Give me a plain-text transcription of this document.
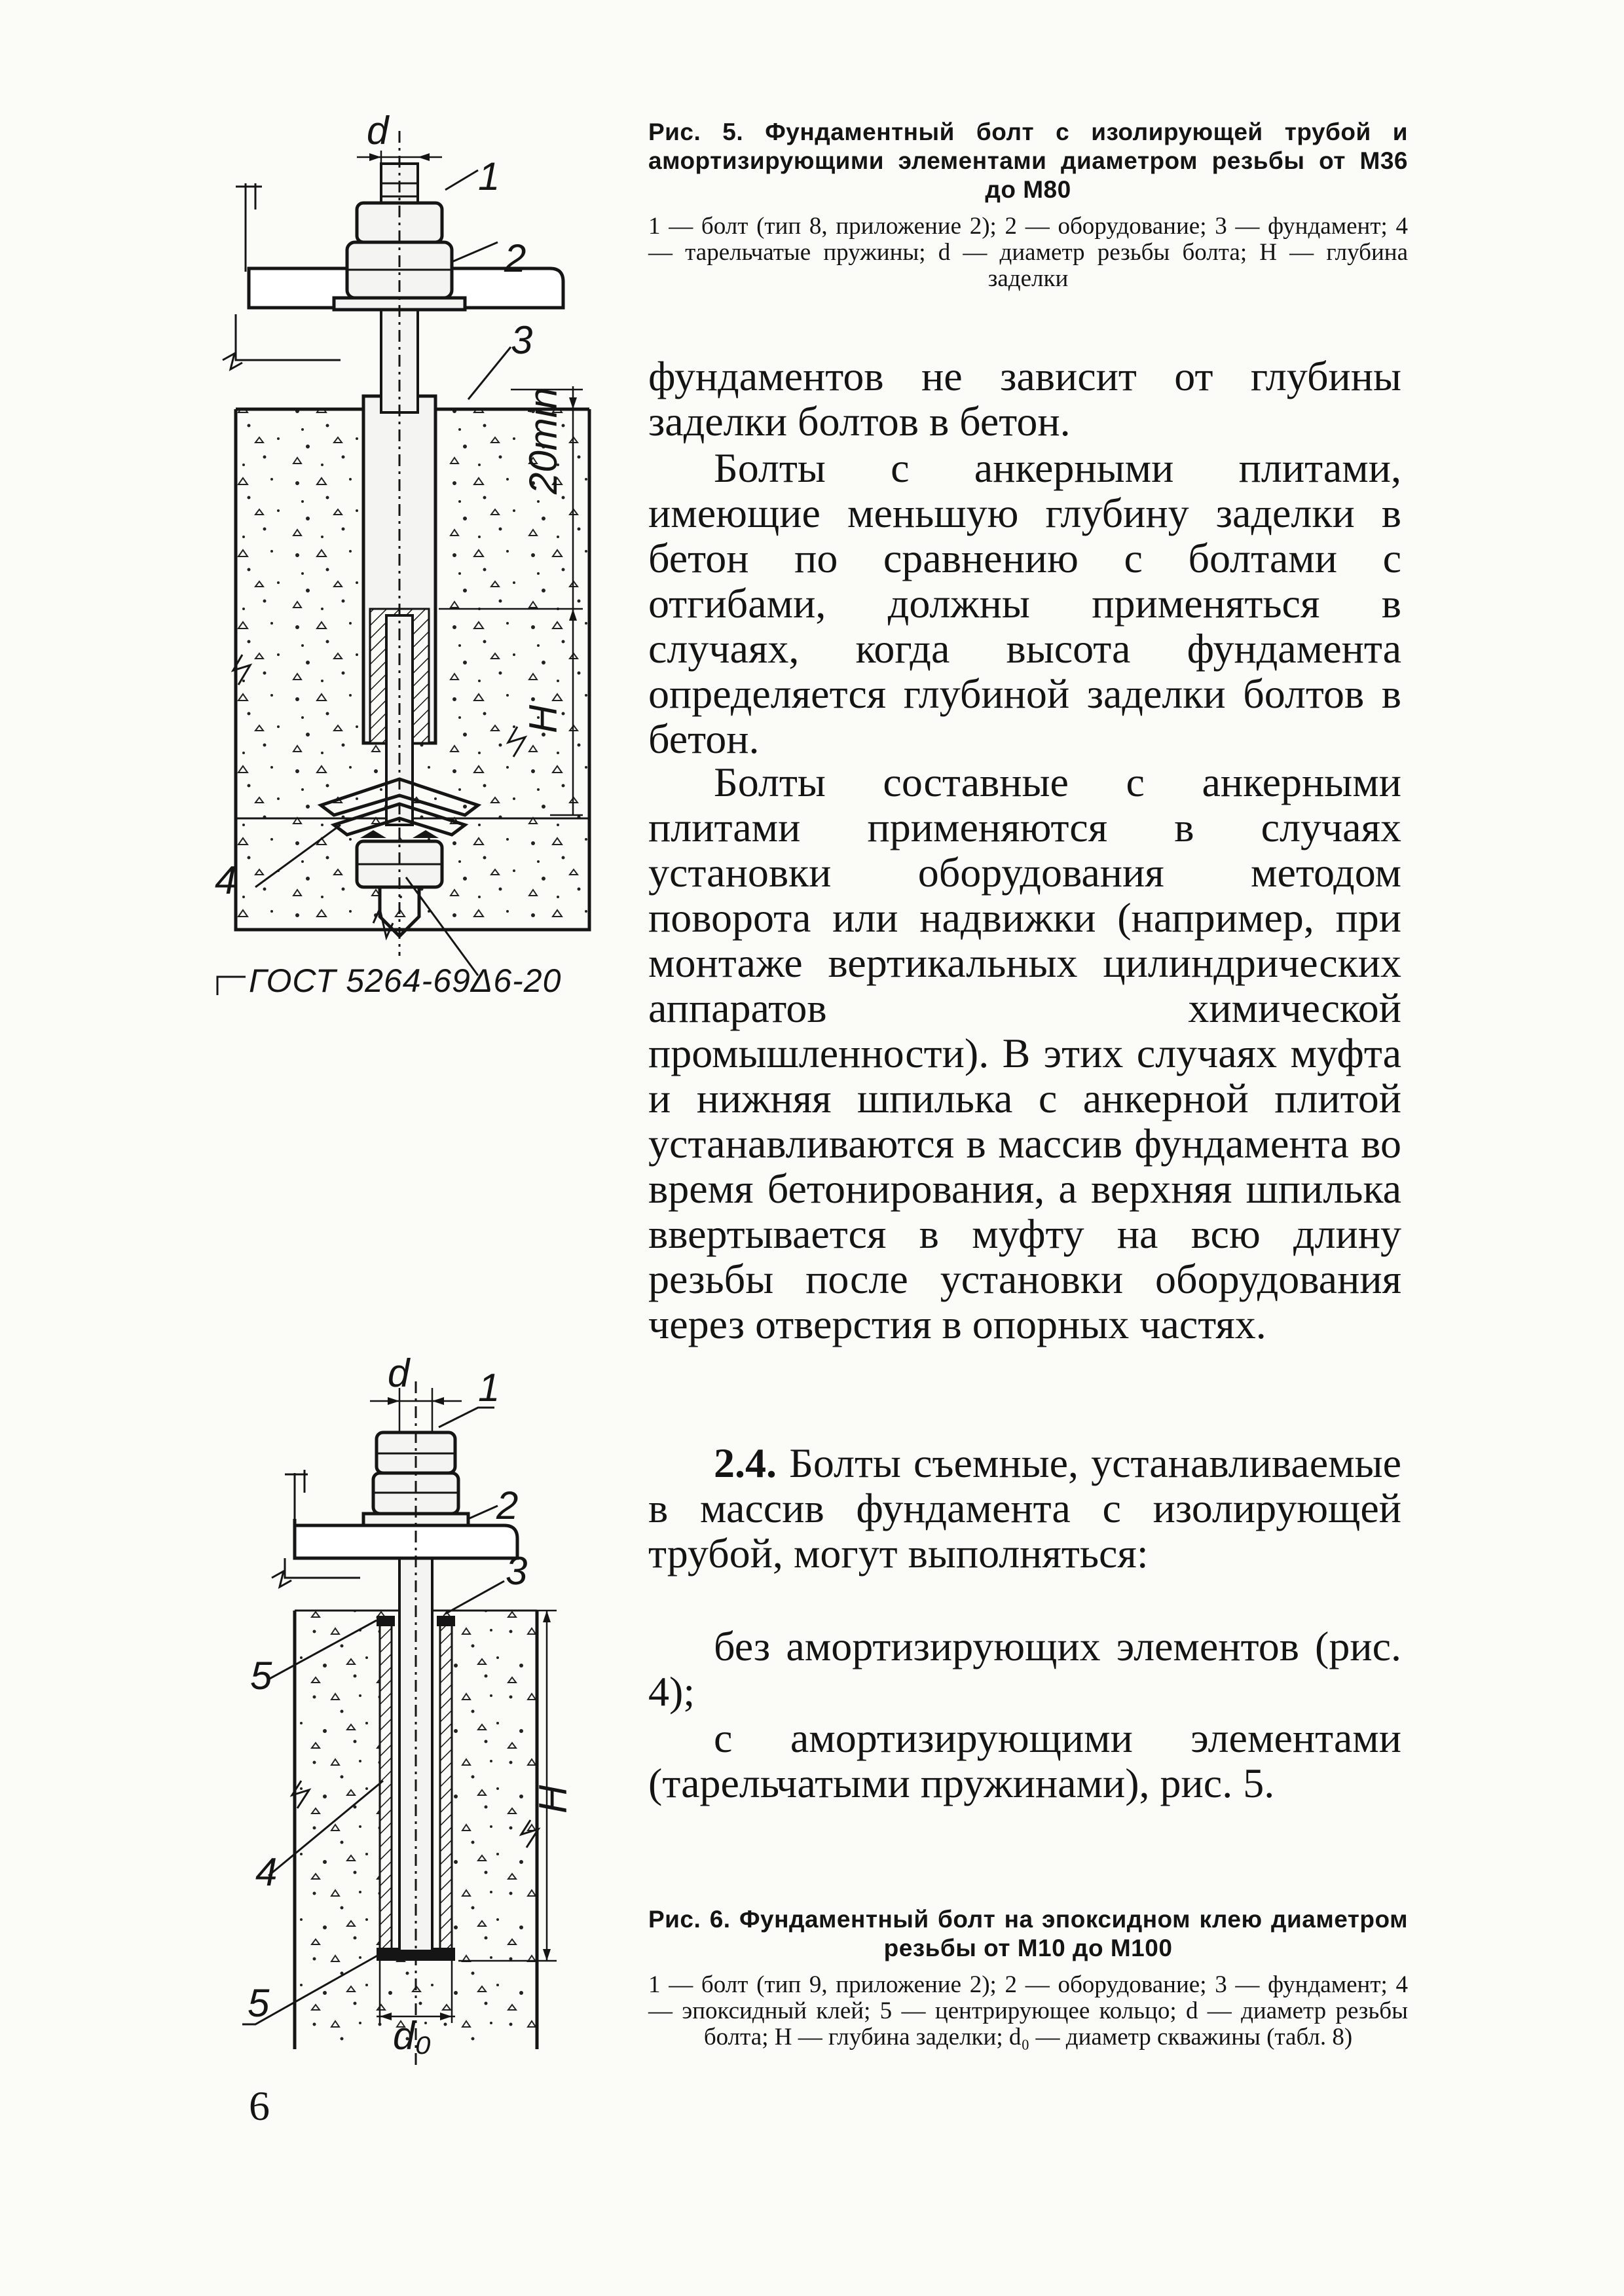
d
20min
H
1
2
3
4
ГОСТ 5264-69Δ6-20
Рис. 5. Фундаментный болт с изолирующей трубой и амортизирующими элементами диаметром резьбы от М36 до М80
1 — болт (тип 8, приложение 2); 2 — оборудование; 3 — фундамент; 4 — тарельчатые пружины; d — диаметр резьбы болта; H — глубина заделки
фундаментов не зависит от глубины заделки болтов в бетон.
Болты с анкерными плитами, имеющие меньшую глубину заделки в бетон по сравнению с болтами с отгибами, должны применяться в случаях, когда высота фундамента определяется глубиной заделки болтов в бетон.
Болты составные с анкерными плитами применяются в случаях установки оборудования методом поворота или надвижки (например, при монтаже вертикальных цилиндрических аппаратов химической промышленности). В этих случаях муфта и нижняя шпилька с анкерной плитой устанавливаются в массив фундамента во время бетонирования, а верхняя шпилька ввертывается в муфту на всю длину резьбы после установки оборудования через отверстия в опорных частях.
2.4. Болты съемные, устанавливаемые в массив фундамента с изолирующей трубой, могут выполняться:
без амортизирующих элементов (рис. 4);
с амортизирующими элементами (тарельчатыми пружинами), рис. 5.
d
H
d₀
1
2
3
5
4
5
Рис. 6. Фундаментный болт на эпоксидном клею диаметром резьбы от М10 до М100
1 — болт (тип 9, приложение 2); 2 — оборудование; 3 — фундамент; 4 — эпоксидный клей; 5 — центрирующее кольцо; d — диаметр резьбы болта; H — глубина заделки; d₀ — диаметр скважины (табл. 8)
6
